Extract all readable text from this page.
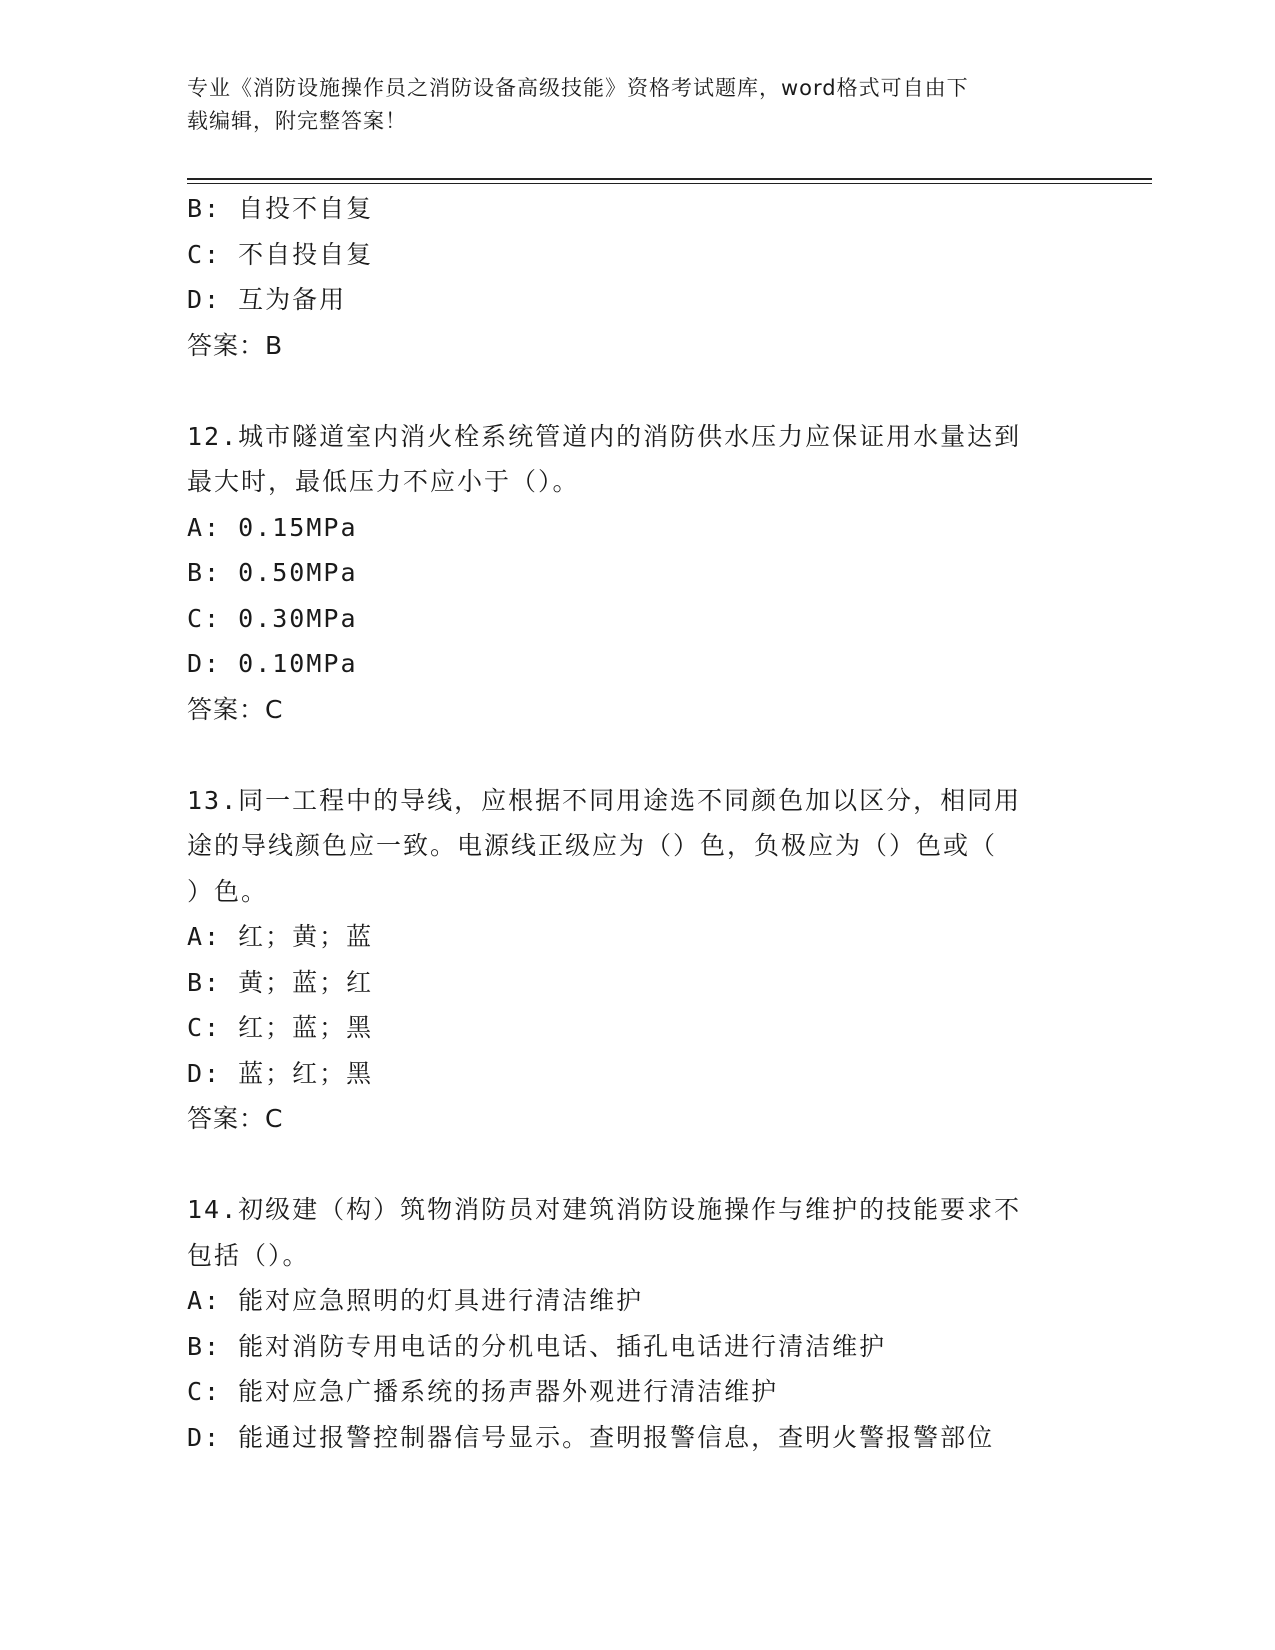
专业《消防设施操作员之消防设备高级技能》资格考试题库，word格式可自由下
载编辑，附完整答案！
B: 自投不自复
C: 不自投自复
D: 互为备用
答案：B
12.城市隧道室内消火栓系统管道内的消防供水压力应保证用水量达到
最大时，最低压力不应小于（）。
A: 0.15MPa
B: 0.50MPa
C: 0.30MPa
D: 0.10MPa
答案：C
13.同一工程中的导线，应根据不同用途选不同颜色加以区分，相同用
途的导线颜色应一致。电源线正级应为（）色，负极应为（）色或（
）色。
A: 红；黄；蓝
B: 黄；蓝；红
C: 红；蓝；黑
D: 蓝；红；黑
答案：C
14.初级建（构）筑物消防员对建筑消防设施操作与维护的技能要求不
包括（）。
A: 能对应急照明的灯具进行清洁维护
B: 能对消防专用电话的分机电话、插孔电话进行清洁维护
C: 能对应急广播系统的扬声器外观进行清洁维护
D: 能通过报警控制器信号显示。查明报警信息，查明火警报警部位
